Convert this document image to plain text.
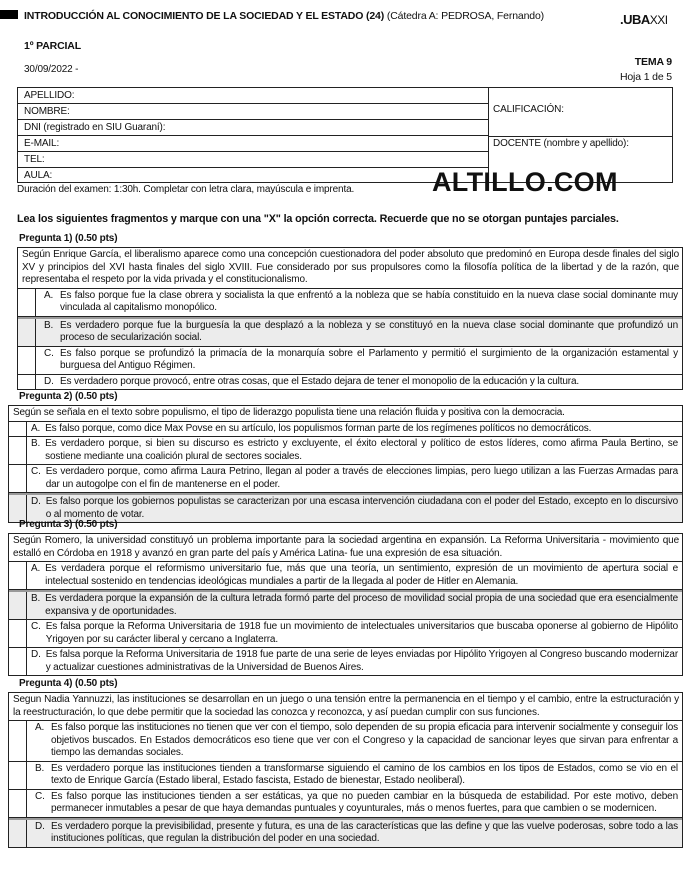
INTRODUCCIÓN AL CONOCIMIENTO DE LA SOCIEDAD Y EL ESTADO (24) (Cátedra A: PEDROSA, Fernando)
1º PARCIAL
30/09/2022 -
.UBAXXI
TEMA 9
Hoja 1 de 5
APELLIDO:
NOMBRE:
DNI (registrado en SIU Guaraní):
E-MAIL:
TEL:
AULA:
CALIFICACIÓN:
DOCENTE (nombre y apellido):
Duración del examen: 1:30h. Completar con letra clara, mayúscula e imprenta.	ALTILLO.COM
Lea los siguientes fragmentos y marque con una "X" la opción correcta. Recuerde que no se otorgan puntajes parciales.
Pregunta 1) (0.50 pts)
Según Enrique García, el liberalismo aparece como una concepción cuestionadora del poder absoluto que predominó en Europa desde finales del siglo XV y principios del XVI hasta finales del siglo XVIII. Fue considerado por sus propulsores como la filosofía política de la libertad y de la razón, que representaba el respeto por la vida privada y el constitucionalismo.
A. Es falso porque fue la clase obrera y socialista la que enfrentó a la nobleza que se había constituido en la nueva clase social dominante muy vinculada al capitalismo monopólico.
B. Es verdadero porque fue la burguesía la que desplazó a la nobleza y se constituyó en la nueva clase social dominante que profundizó un proceso de secularización social.
C. Es falso porque se profundizó la primacía de la monarquía sobre el Parlamento y permitió el surgimiento de la organización estamental y burguesa del Antiguo Régimen.
D. Es verdadero porque provocó, entre otras cosas, que el Estado dejara de tener el monopolio de la educación y la cultura.
Pregunta 2) (0.50 pts)
Según se señala en el texto sobre populismo, el tipo de liderazgo populista tiene una relación fluida y positiva con la democracia.
A. Es falso porque, como dice Max Povse en su artículo, los populismos forman parte de los regímenes políticos no democráticos.
B. Es verdadero porque, si bien su discurso es estricto y excluyente, el éxito electoral y político de estos líderes, como afirma Paula Bertino, se sostiene mediante una coalición plural de sectores sociales.
C. Es verdadero porque, como afirma Laura Petrino, llegan al poder a través de elecciones limpias, pero luego utilizan a las Fuerzas Armadas para dar un autogolpe con el fin de mantenerse en el poder.
D. Es falso porque los gobiernos populistas se caracterizan por una escasa intervención ciudadana con el poder del Estado, excepto en lo discursivo o al momento de votar.
Pregunta 3) (0.50 pts)
Según Romero, la universidad constituyó un problema importante para la sociedad argentina en expansión. La Reforma Universitaria - movimiento que estalló en Córdoba en 1918 y avanzó en gran parte del país y América Latina- fue una expresión de esa situación.
A. Es verdadera porque el reformismo universitario fue, más que una teoría, un sentimiento, expresión de un movimiento de apertura social e intelectual sostenido en tendencias ideológicas mundiales a partir de la llegada al poder de Hitler en Alemania.
B. Es verdadera porque la expansión de la cultura letrada formó parte del proceso de movilidad social propia de una sociedad que era esencialmente expansiva y de oportunidades.
C. Es falsa porque la Reforma Universitaria de 1918 fue un movimiento de intelectuales universitarios que buscaba oponerse al gobierno de Hipólito Yrigoyen por su carácter liberal y cercano a Inglaterra.
D. Es falsa porque la Reforma Universitaria de 1918 fue parte de una serie de leyes enviadas por Hipólito Yrigoyen al Congreso buscando modernizar y actualizar cuestiones administrativas de la Universidad de Buenos Aires.
Pregunta 4) (0.50 pts)
Segun Nadia Yannuzzi, las instituciones se desarrollan en un juego o una tensión entre la permanencia en el tiempo y el cambio, entre la estructuración y la reestructuración, lo que debe permitir que la sociedad las conozca y reconozca, y así puedan cumplir con sus funciones.
A. Es falso porque las instituciones no tienen que ver con el tiempo, solo dependen de su propia eficacia para intervenir socialmente y conseguir los objetivos buscados. En Estados democráticos eso tiene que ver con el Congreso y la capacidad de sancionar leyes que sirvan para enfrentar a tiempo las demandas sociales.
B. Es verdadero porque las instituciones tienden a transformarse siguiendo el camino de los cambios en los tipos de Estados, como se vio en el texto de Enrique García (Estado liberal, Estado fascista, Estado de bienestar, Estado neoliberal).
C. Es falso porque las instituciones tienden a ser estáticas, ya que no pueden cambiar en la búsqueda de estabilidad. Por este motivo, deben permanecer inmutables a pesar de que haya demandas puntuales y coyunturales, más o menos fuertes, para que cambien o se modernicen.
D. Es verdadero porque la previsibilidad, presente y futura, es una de las características que las define y que las vuelve poderosas, sobre todo a las instituciones políticas, que regulan la distribución del poder en una sociedad.
